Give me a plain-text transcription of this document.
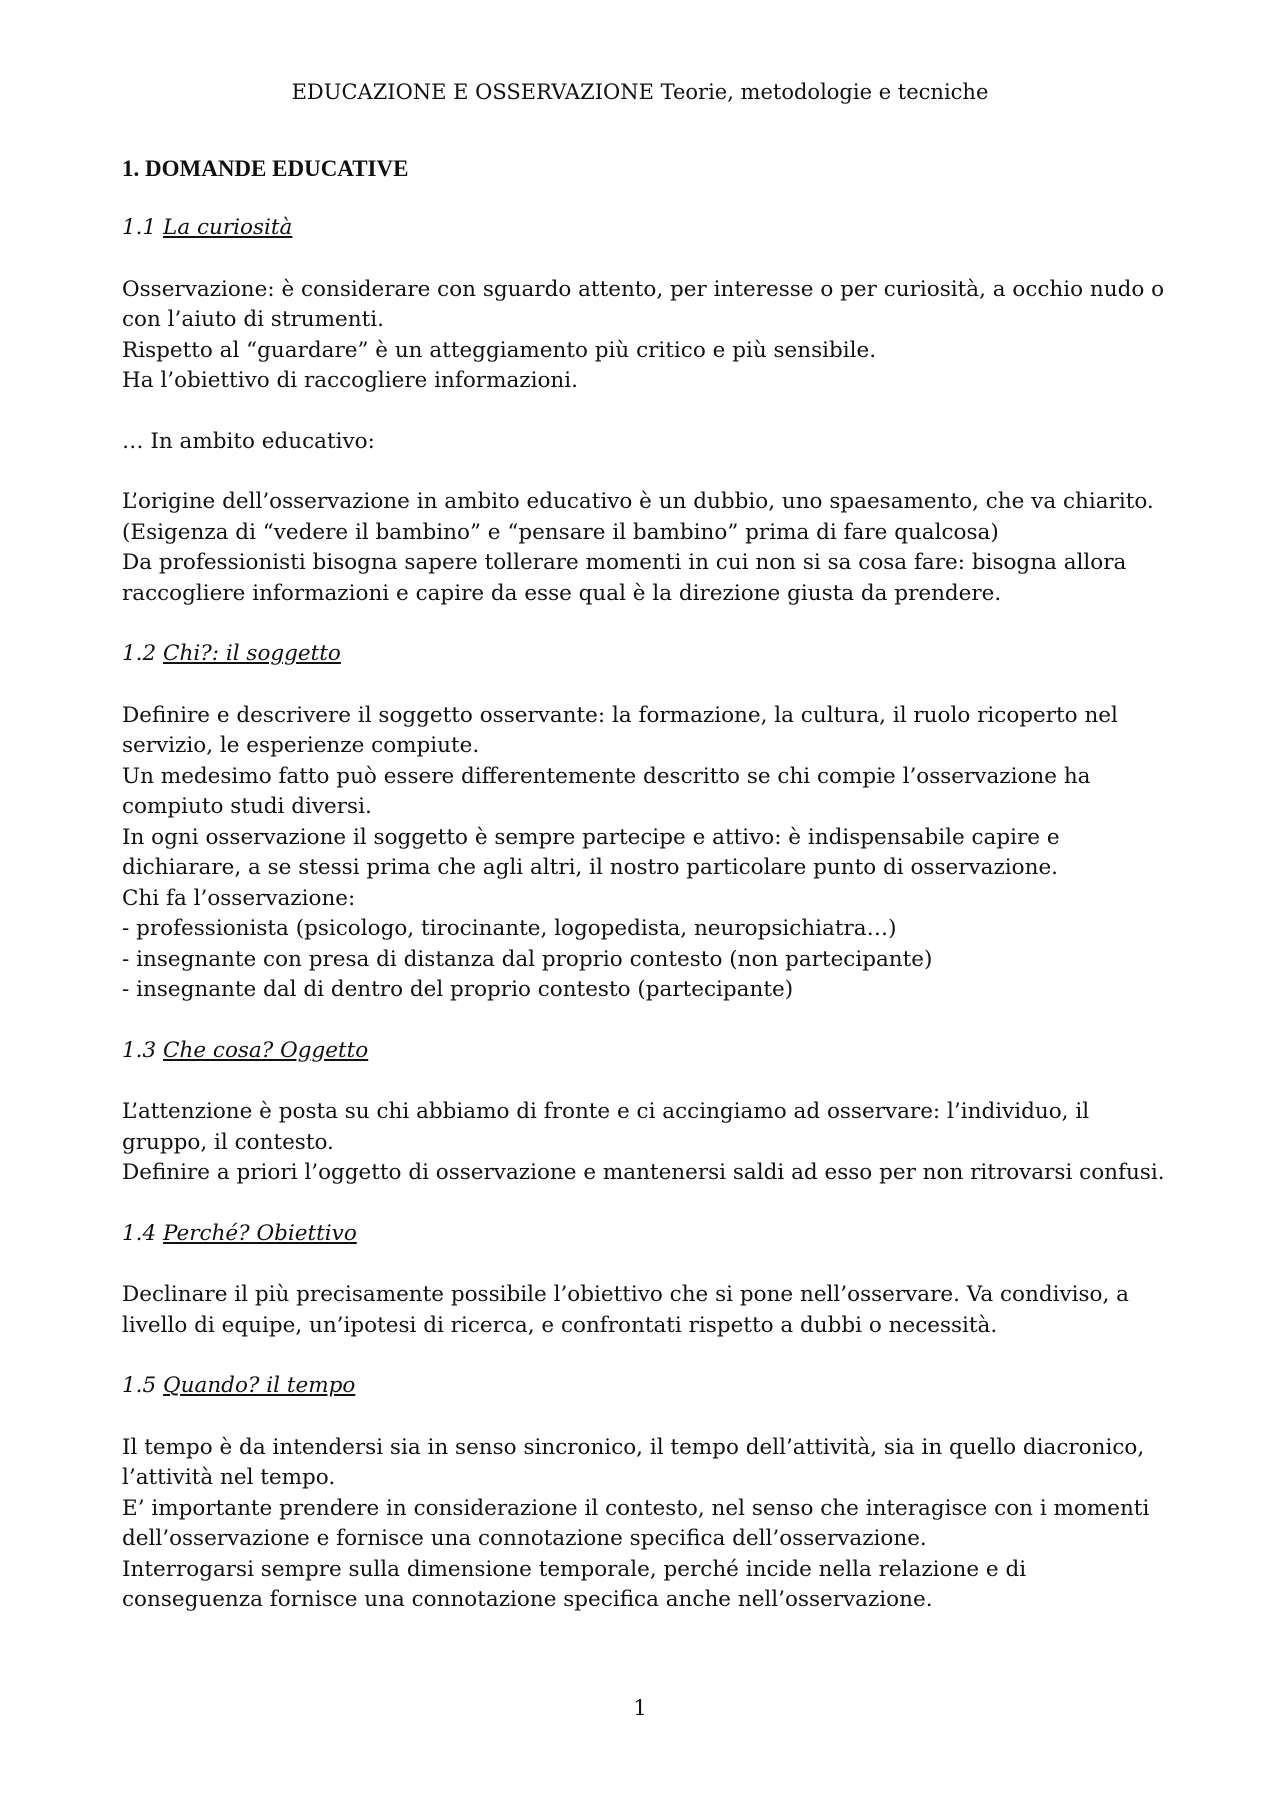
EDUCAZIONE E OSSERVAZIONE Teorie, metodologie e tecniche
1. DOMANDE EDUCATIVE
1.1 La curiosità

Osservazione: è considerare con sguardo attento, per interesse o per curiosità, a occhio nudo o con l’aiuto di strumenti.

Rispetto al “guardare” è un atteggiamento più critico e più sensibile.

Ha l’obiettivo di raccogliere informazioni.

… In ambito educativo:

L’origine dell’osservazione in ambito educativo è un dubbio, uno spaesamento, che va chiarito.

(Esigenza di “vedere il bambino” e “pensare il bambino” prima di fare qualcosa)

Da professionisti bisogna sapere tollerare momenti in cui non si sa cosa fare: bisogna allora raccogliere informazioni e capire da esse qual è la direzione giusta da prendere.

1.2 Chi?: il soggetto

Definire e descrivere il soggetto osservante: la formazione, la cultura, il ruolo ricoperto nel servizio, le esperienze compiute.

Un medesimo fatto può essere differentemente descritto se chi compie l’osservazione ha compiuto studi diversi.

In ogni osservazione il soggetto è sempre partecipe e attivo: è indispensabile capire e dichiarare, a se stessi prima che agli altri, il nostro particolare punto di osservazione.

Chi fa l’osservazione:

- professionista (psicologo, tirocinante, logopedista, neuropsichiatra…)

- insegnante con presa di distanza dal proprio contesto (non partecipante)

- insegnante dal di dentro del proprio contesto (partecipante)

1.3 Che cosa? Oggetto

L’attenzione è posta su chi abbiamo di fronte e ci accingiamo ad osservare: l’individuo, il gruppo, il contesto.

Definire a priori l’oggetto di osservazione e mantenersi saldi ad esso per non ritrovarsi confusi.

1.4 Perché? Obiettivo

Declinare il più precisamente possibile l’obiettivo che si pone nell’osservare. Va condiviso, a livello di equipe, un’ipotesi di ricerca, e confrontati rispetto a dubbi o necessità.

1.5 Quando? il tempo

Il tempo è da intendersi sia in senso sincronico, il tempo dell’attività, sia in quello diacronico, l’attività nel tempo.

E’ importante prendere in considerazione il contesto, nel senso che interagisce con i momenti dell’osservazione e fornisce una connotazione specifica dell’osservazione.

Interrogarsi sempre sulla dimensione temporale, perché incide nella relazione e di conseguenza fornisce una connotazione specifica anche nell’osservazione.

1
